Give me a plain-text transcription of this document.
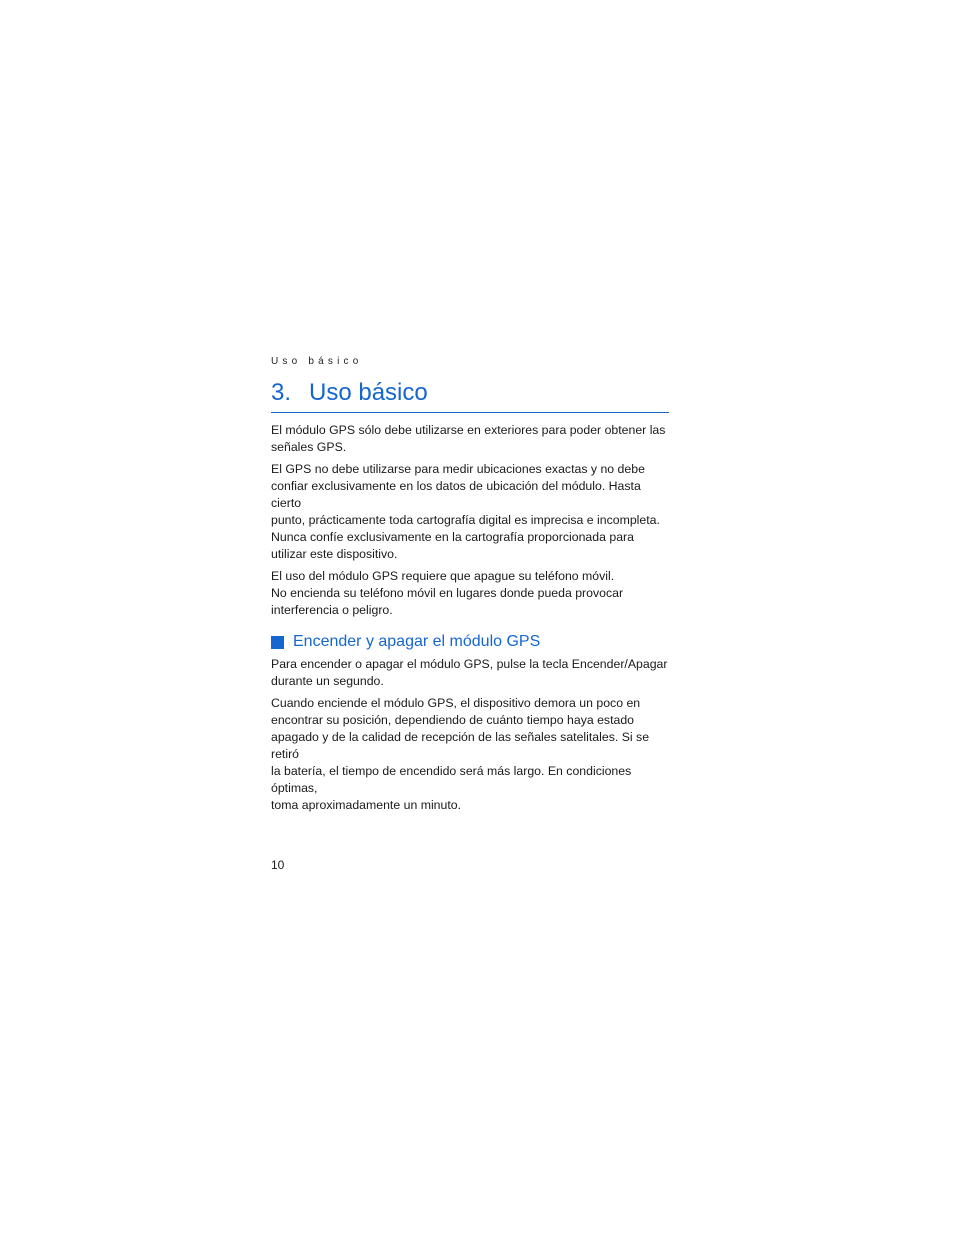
Uso básico

3. Uso básico
El módulo GPS sólo debe utilizarse en exteriores para poder obtener las
señales GPS.
El GPS no debe utilizarse para medir ubicaciones exactas y no debe
confiar exclusivamente en los datos de ubicación del módulo. Hasta cierto
punto, prácticamente toda cartografía digital es imprecisa e incompleta.
Nunca confíe exclusivamente en la cartografía proporcionada para
utilizar este dispositivo.
El uso del módulo GPS requiere que apague su teléfono móvil.
No encienda su teléfono móvil en lugares donde pueda provocar
interferencia o peligro.
Encender y apagar el módulo GPS
Para encender o apagar el módulo GPS, pulse la tecla Encender/Apagar
durante un segundo.
Cuando enciende el módulo GPS, el dispositivo demora un poco en
encontrar su posición, dependiendo de cuánto tiempo haya estado
apagado y de la calidad de recepción de las señales satelitales. Si se retiró
la batería, el tiempo de encendido será más largo. En condiciones óptimas,
toma aproximadamente un minuto.
10
